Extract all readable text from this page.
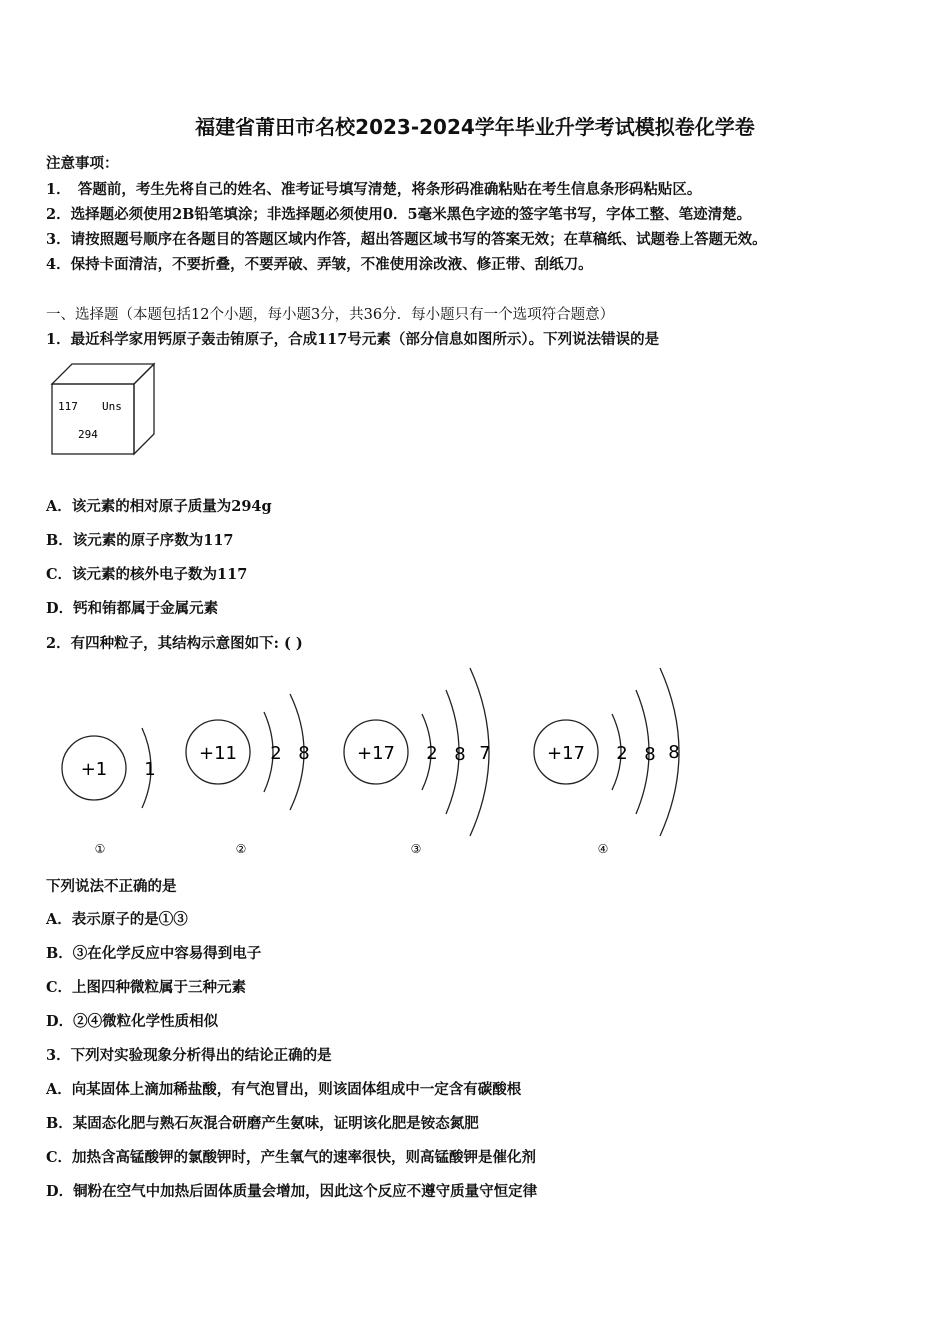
福建省莆田市名校2023-2024学年毕业升学考试模拟卷化学卷
注意事项：
1．　答题前，考生先将自己的姓名、准考证号填写清楚，将条形码准确粘贴在考生信息条形码粘贴区。
2．选择题必须使用2B铅笔填涂；非选择题必须使用0．5毫米黑色字迹的签字笔书写，字体工整、笔迹清楚。
3．请按照题号顺序在各题目的答题区域内作答，超出答题区域书写的答案无效；在草稿纸、试题卷上答题无效。
4．保持卡面清洁，不要折叠，不要弄破、弄皱，不准使用涂改液、修正带、刮纸刀。
一、选择题（本题包括12个小题，每小题3分，共36分．每小题只有一个选项符合题意）
1．最近科学家用钙原子轰击铕原子，合成117号元素（部分信息如图所示）。下列说法错误的是
117 Uns
294
A．该元素的相对原子质量为294g
B．该元素的原子序数为117
C．该元素的核外电子数为117
D．钙和铕都属于金属元素
2．有四种粒子，其结构示意图如下: ( )
+1 1
①
+11 2 8
②
+17 2 8 7
③
+17 2 8 8
④
下列说法不正确的是
A．表示原子的是①③
B．③在化学反应中容易得到电子
C．上图四种微粒属于三种元素
D．②④微粒化学性质相似
3．下列对实验现象分析得出的结论正确的是
A．向某固体上滴加稀盐酸，有气泡冒出，则该固体组成中一定含有碳酸根
B．某固态化肥与熟石灰混合研磨产生氨味，证明该化肥是铵态氮肥
C．加热含高锰酸钾的氯酸钾时，产生氧气的速率很快，则高锰酸钾是催化剂
D．铜粉在空气中加热后固体质量会增加，因此这个反应不遵守质量守恒定律
